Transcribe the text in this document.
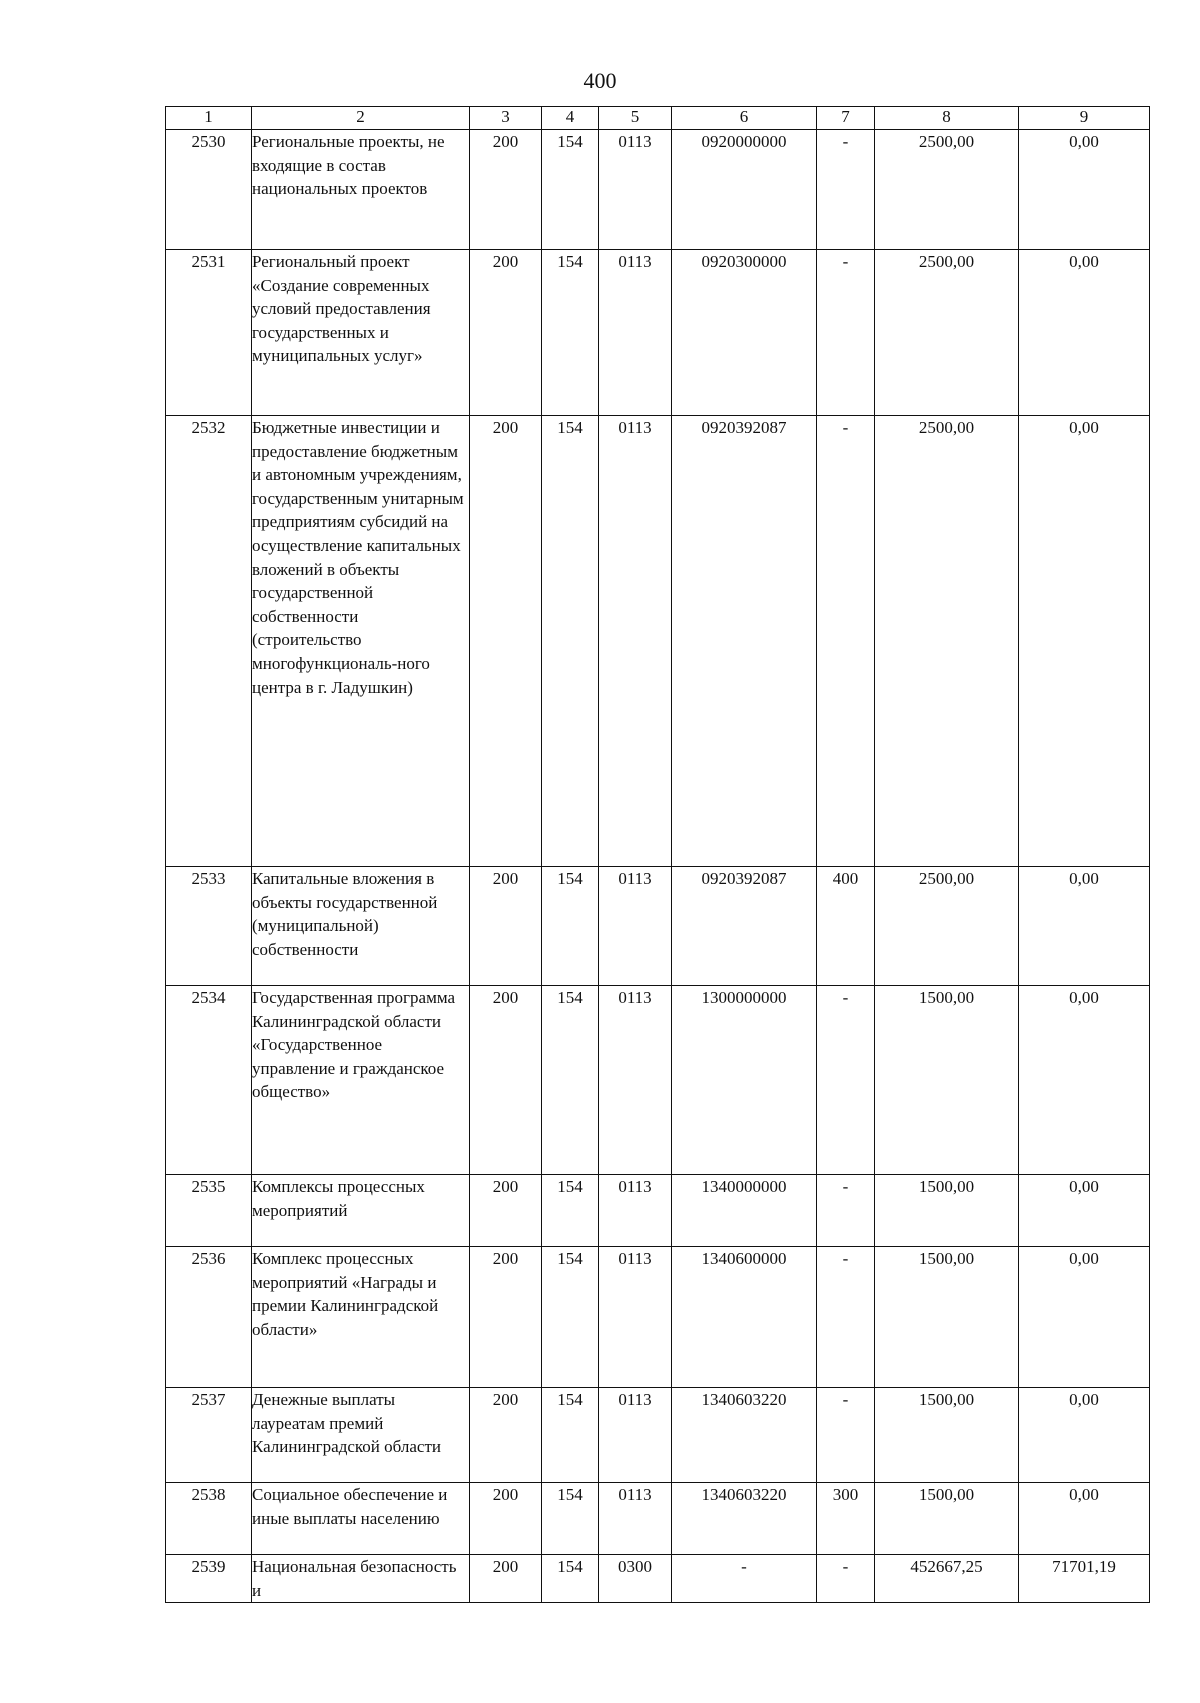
400
1	2	3	4	5	6	7	8	9
2530	Региональные проекты, не входящие в состав национальных проектов	200	154	0113	0920000000	-	2500,00	0,00
2531	Региональный проект «Создание современных условий предоставления государственных и муниципальных услуг»	200	154	0113	0920300000	-	2500,00	0,00
2532	Бюджетные инвестиции и предоставление бюджетным и автономным учреждениям, государственным унитарным предприятиям субсидий на осуществление капитальных вложений в объекты государственной собственности (строительство многофункциональ-ного центра в г. Ладушкин)	200	154	0113	0920392087	-	2500,00	0,00
2533	Капитальные вложения в объекты государственной (муниципальной) собственности	200	154	0113	0920392087	400	2500,00	0,00
2534	Государственная программа Калининградской области «Государственное управление и гражданское общество»	200	154	0113	1300000000	-	1500,00	0,00
2535	Комплексы процессных мероприятий	200	154	0113	1340000000	-	1500,00	0,00
2536	Комплекс процессных мероприятий «Награды и премии Калининградской области»	200	154	0113	1340600000	-	1500,00	0,00
2537	Денежные выплаты лауреатам премий Калининградской области	200	154	0113	1340603220	-	1500,00	0,00
2538	Социальное обеспечение и иные выплаты населению	200	154	0113	1340603220	300	1500,00	0,00
2539	Национальная безопасность и	200	154	0300	-	-	452667,25	71701,19
